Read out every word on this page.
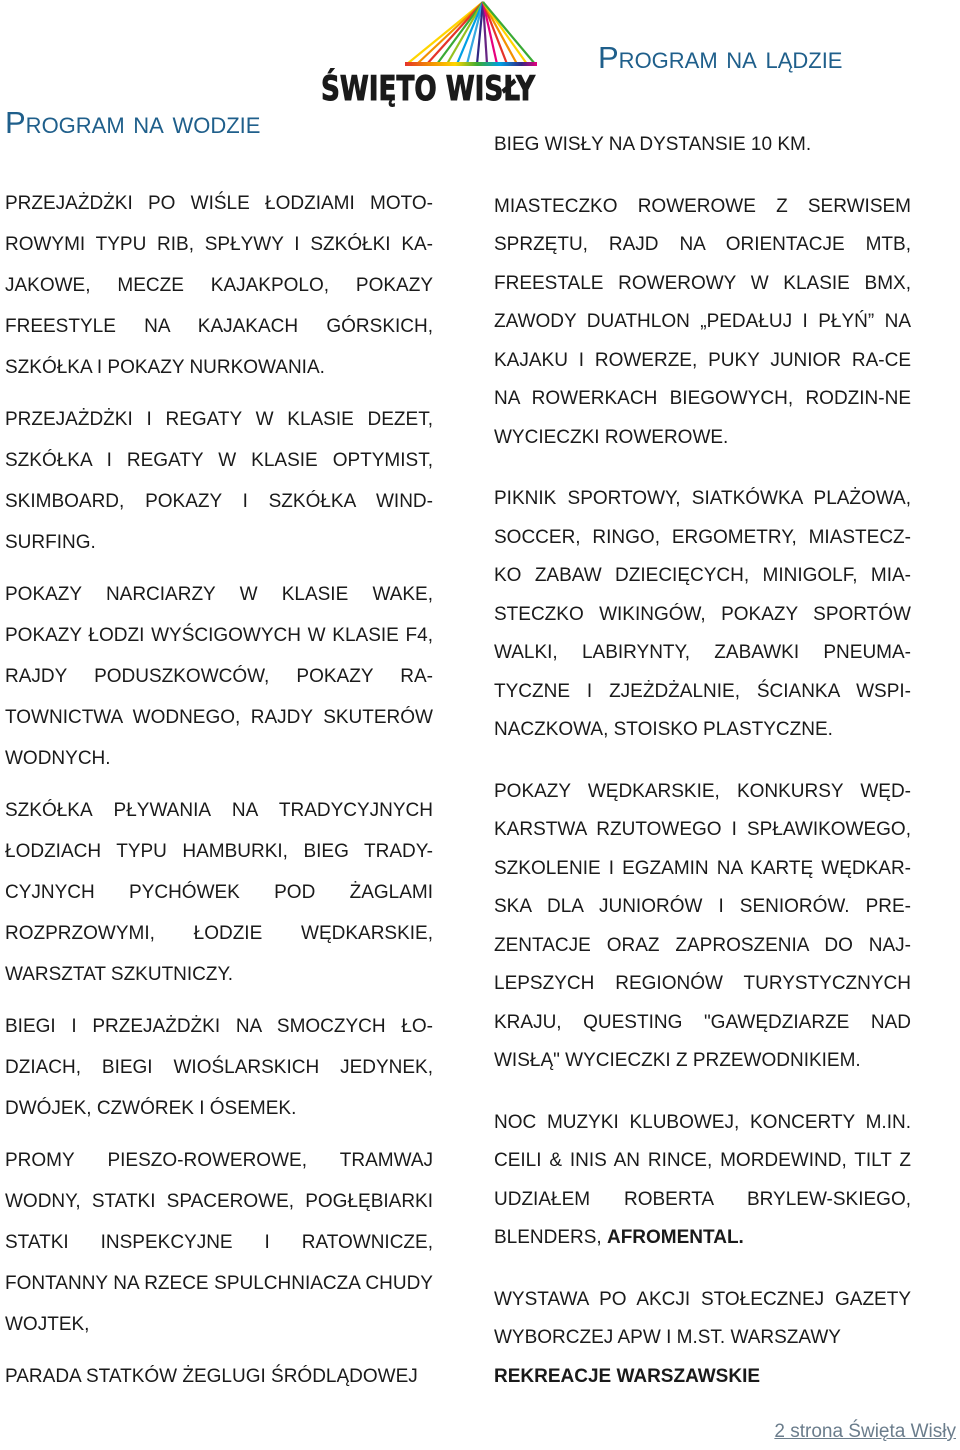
Program na wodzie
Program na lądzie
ŚWIĘTO WISŁY

PRZEJAŻDŻKI PO WIŚLE ŁODZIAMI MOTO-ROWYMI TYPU RIB, SPŁYWY I SZKÓŁKI KA-JAKOWE, MECZE KAJAKPOLO, POKAZY FREESTYLE NA KAJAKACH GÓRSKICH, SZKÓŁKA I POKAZY NURKOWANIA.

PRZEJAŻDŻKI I REGATY W KLASIE DEZET, SZKÓŁKA I REGATY W KLASIE OPTYMIST, SKIMBOARD, POKAZY I SZKÓŁKA WIND-SURFING.

POKAZY NARCIARZY W KLASIE WAKE, POKAZY ŁODZI WYŚCIGOWYCH W KLASIE F4, RAJDY PODUSZKOWCÓW, POKAZY RA-TOWNICTWA WODNEGO, RAJDY SKUTERÓW WODNYCH.

SZKÓŁKA PŁYWANIA NA TRADYCYJNYCH ŁODZIACH TYPU HAMBURKI, BIEG TRADY-CYJNYCH PYCHÓWEK POD ŻAGLAMI ROZPRZOWYMI, ŁODZIE WĘDKARSKIE, WARSZTAT SZKUTNICZY.

BIEGI I PRZEJAŻDŻKI NA SMOCZYCH ŁO-DZIACH, BIEGI WIOŚLARSKICH JEDYNEK, DWÓJEK, CZWÓREK I ÓSEMEK.

PROMY PIESZO-ROWEROWE, TRAMWAJ WODNY, STATKI SPACEROWE, POGŁĘBIARKI STATKI INSPEKCYJNE I RATOWNICZE, FONTANNY NA RZECE SPULCHNIACZA CHUDY WOJTEK,

PARADA STATKÓW ŻEGLUGI ŚRÓDLĄDOWEJ

BIEG WISŁY NA DYSTANSIE 10 KM.

MIASTECZKO ROWEROWE Z SERWISEM SPRZĘTU, RAJD NA ORIENTACJE MTB, FREESTALE ROWEROWY W KLASIE BMX, ZAWODY DUATHLON „PEDAŁUJ I PŁYŃ” NA KAJAKU I ROWERZE, PUKY JUNIOR RA-CE NA ROWERKACH BIEGOWYCH, RODZIN-NE WYCIECZKI ROWEROWE.

PIKNIK SPORTOWY, SIATKÓWKA PLAŻOWA, SOCCER, RINGO, ERGOMETRY, MIASTECZ-KO ZABAW DZIECIĘCYCH, MINIGOLF, MIA-STECZKO WIKINGÓW, POKAZY SPORTÓW WALKI, LABIRYNTY, ZABAWKI PNEUMA-TYCZNE I ZJEŻDŻALNIE, ŚCIANKA WSPI-NACZKOWA, STOISKO PLASTYCZNE.

POKAZY WĘDKARSKIE, KONKURSY WĘD-KARSTWA RZUTOWEGO I SPŁAWIKOWEGO, SZKOLENIE I EGZAMIN NA KARTĘ WĘDKAR-SKA DLA JUNIORÓW I SENIORÓW. PRE-ZENTACJE ORAZ ZAPROSZENIA DO NAJ-LEPSZYCH REGIONÓW TURYSTYCZNYCH KRAJU, QUESTING "GAWĘDZIARZE NAD WISŁĄ" WYCIECZKI Z PRZEWODNIKIEM.

NOC MUZYKI KLUBOWEJ, KONCERTY M.IN. CEILI & INIS AN RINCE, MORDEWIND, TILT Z UDZIAŁEM ROBERTA BRYLEW-SKIEGO, BLENDERS, AFROMENTAL.

WYSTAWA PO AKCJI STOŁECZNEJ GAZETY WYBORCZEJ APW I M.ST. WARSZAWY
REKREACJE WARSZAWSKIE

2 strona Święta Wisły
